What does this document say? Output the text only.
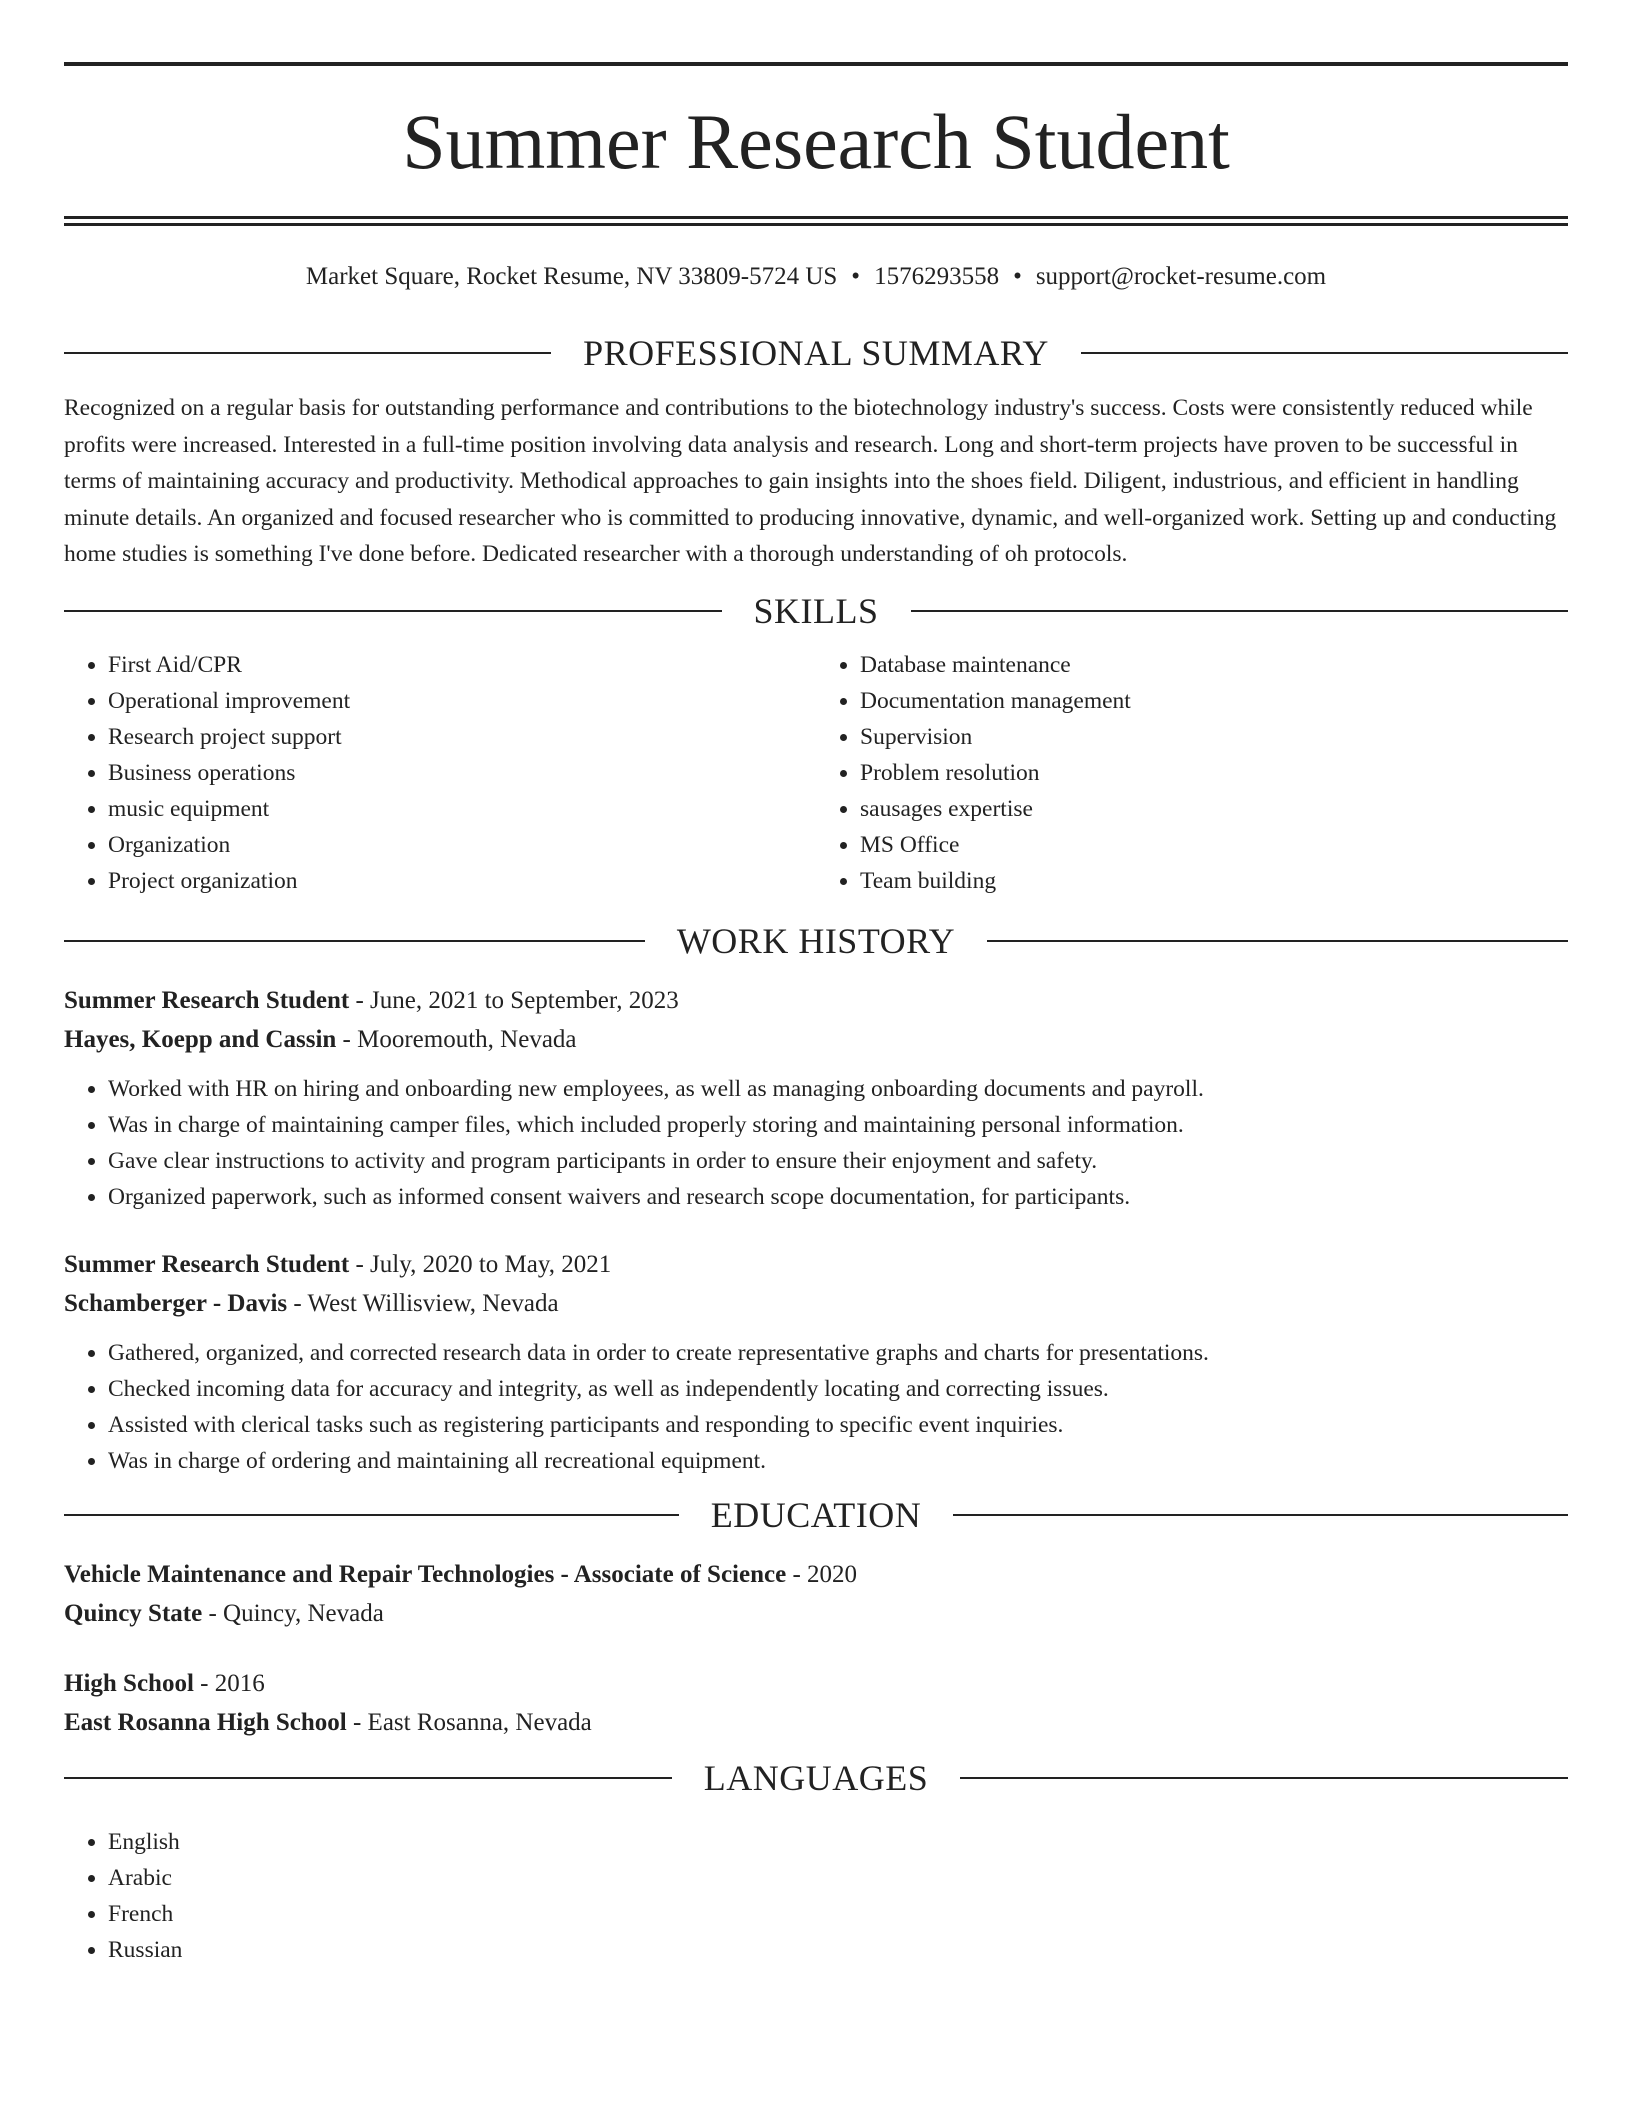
Summer Research Student
Market Square, Rocket Resume, NV 33809-5724 US • 1576293558 • support@rocket-resume.com
PROFESSIONAL SUMMARY
Recognized on a regular basis for outstanding performance and contributions to the biotechnology industry's success. Costs were consistently reduced while profits were increased. Interested in a full-time position involving data analysis and research. Long and short-term projects have proven to be successful in terms of maintaining accuracy and productivity. Methodical approaches to gain insights into the shoes field. Diligent, industrious, and efficient in handling minute details. An organized and focused researcher who is committed to producing innovative, dynamic, and well-organized work. Setting up and conducting home studies is something I've done before. Dedicated researcher with a thorough understanding of oh protocols.
SKILLS
• First Aid/CPR
• Operational improvement
• Research project support
• Business operations
• music equipment
• Organization
• Project organization
• Database maintenance
• Documentation management
• Supervision
• Problem resolution
• sausages expertise
• MS Office
• Team building
WORK HISTORY
Summer Research Student - June, 2021 to September, 2023
Hayes, Koepp and Cassin - Mooremouth, Nevada
• Worked with HR on hiring and onboarding new employees, as well as managing onboarding documents and payroll.
• Was in charge of maintaining camper files, which included properly storing and maintaining personal information.
• Gave clear instructions to activity and program participants in order to ensure their enjoyment and safety.
• Organized paperwork, such as informed consent waivers and research scope documentation, for participants.
Summer Research Student - July, 2020 to May, 2021
Schamberger - Davis - West Willisview, Nevada
• Gathered, organized, and corrected research data in order to create representative graphs and charts for presentations.
• Checked incoming data for accuracy and integrity, as well as independently locating and correcting issues.
• Assisted with clerical tasks such as registering participants and responding to specific event inquiries.
• Was in charge of ordering and maintaining all recreational equipment.
EDUCATION
Vehicle Maintenance and Repair Technologies - Associate of Science - 2020
Quincy State - Quincy, Nevada
High School - 2016
East Rosanna High School - East Rosanna, Nevada
LANGUAGES
• English
• Arabic
• French
• Russian
